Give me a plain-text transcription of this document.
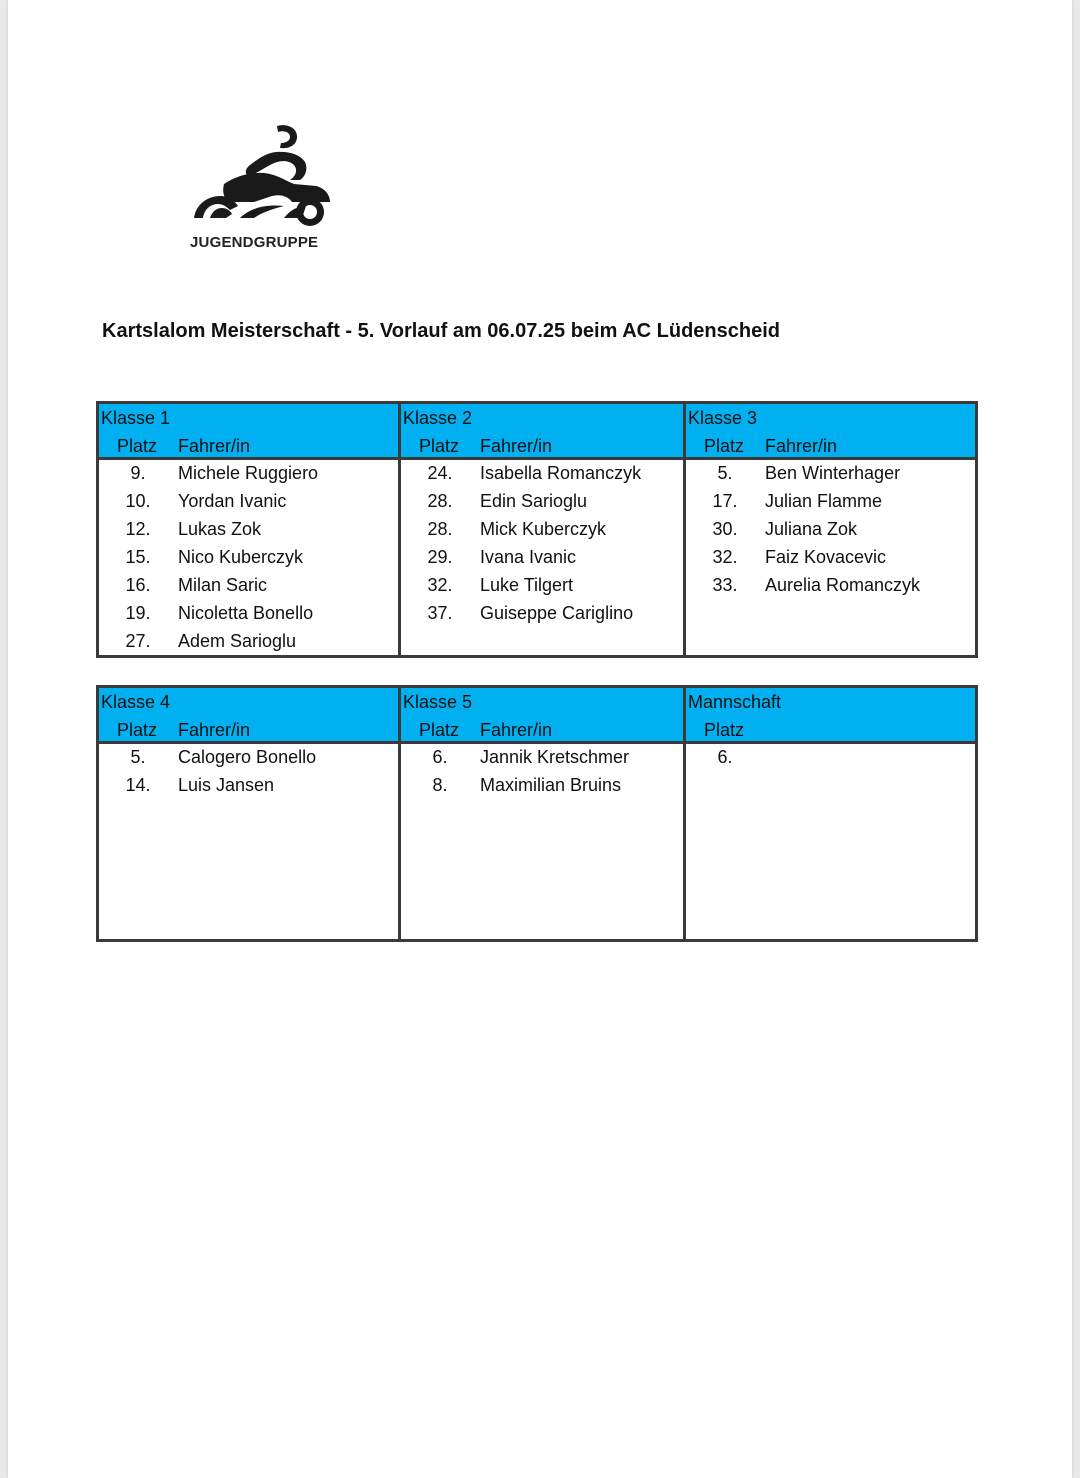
JUGENDGRUPPE
Kartslalom Meisterschaft - 5. Vorlauf am 06.07.25 beim AC Lüdenscheid
Klasse 1
Platz Fahrer/in
9.	Michele Ruggiero
10.	Yordan Ivanic
12.	Lukas Zok
15.	Nico Kuberczyk
16.	Milan Saric
19.	Nicoletta Bonello
27.	Adem Sarioglu
Klasse 2
Platz Fahrer/in
24.	Isabella Romanczyk
28.	Edin Sarioglu
28.	Mick Kuberczyk
29.	Ivana Ivanic
32.	Luke Tilgert
37.	Guiseppe Cariglino
Klasse 3
Platz Fahrer/in
5.	Ben Winterhager
17.	Julian Flamme
30.	Juliana Zok
32.	Faiz Kovacevic
33.	Aurelia Romanczyk
Klasse 4
Platz Fahrer/in
5.	Calogero Bonello
14.	Luis Jansen
Klasse 5
Platz Fahrer/in
6.	Jannik Kretschmer
8.	Maximilian Bruins
Mannschaft
Platz
6.
